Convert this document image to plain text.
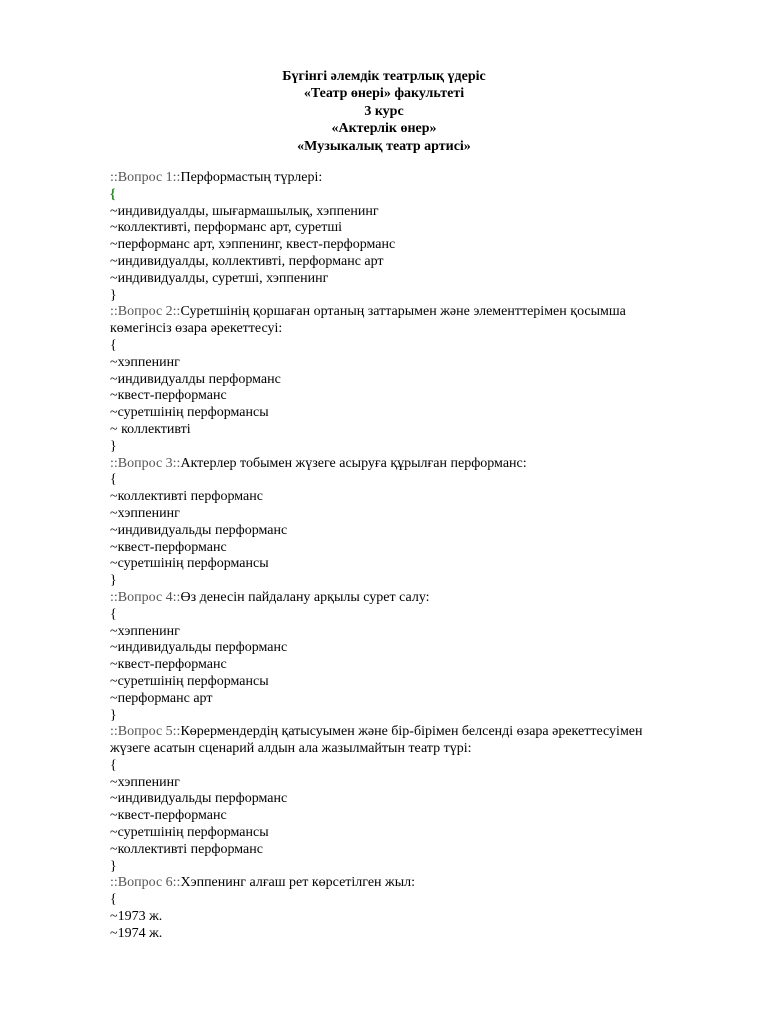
Бүгінгі әлемдік театрлық үдеріс
«Театр өнері» факультеті
3 курс
«Актерлік өнер»
«Музыкалық театр артисі»
::Вопрос 1::Перформастың түрлері:
{
~индивидуалды, шығармашылық, хэппенинг
~коллективті, перформанс арт, суретші
~перформанс арт, хэппенинг, квест-перформанс
~индивидуалды, коллективті, перформанс арт
~индивидуалды, суретші, хэппенинг
}
::Вопрос 2::Суретшінің қоршаған ортаның заттарымен және элементтерімен қосымша
көмегінсіз өзара әрекеттесуі:
{
~хэппенинг
~индивидуалды перформанс
~квест-перформанс
~суретшінің перформансы
~ коллективті
}
::Вопрос 3::Актерлер тобымен жүзеге асыруға құрылған перформанс:
{
~коллективті перформанс
~хэппенинг
~индивидуальды перформанс
~квест-перформанс
~суретшінің перформансы
}
::Вопрос 4::Өз денесін пайдалану арқылы сурет салу:
{
~хэппенинг
~индивидуальды перформанс
~квест-перформанс
~суретшінің перформансы
~перформанс арт
}
::Вопрос 5::Көрермендердің қатысуымен және бір-бірімен белсенді өзара әрекеттесуімен
жүзеге асатын сценарий алдын ала жазылмайтын театр түрі:
{
~хэппенинг
~индивидуальды перформанс
~квест-перформанс
~суретшінің перформансы
~коллективті перформанс
}
::Вопрос 6::Хэппенинг алғаш рет көрсетілген жыл:
{
~1973 ж.
~1974 ж.
